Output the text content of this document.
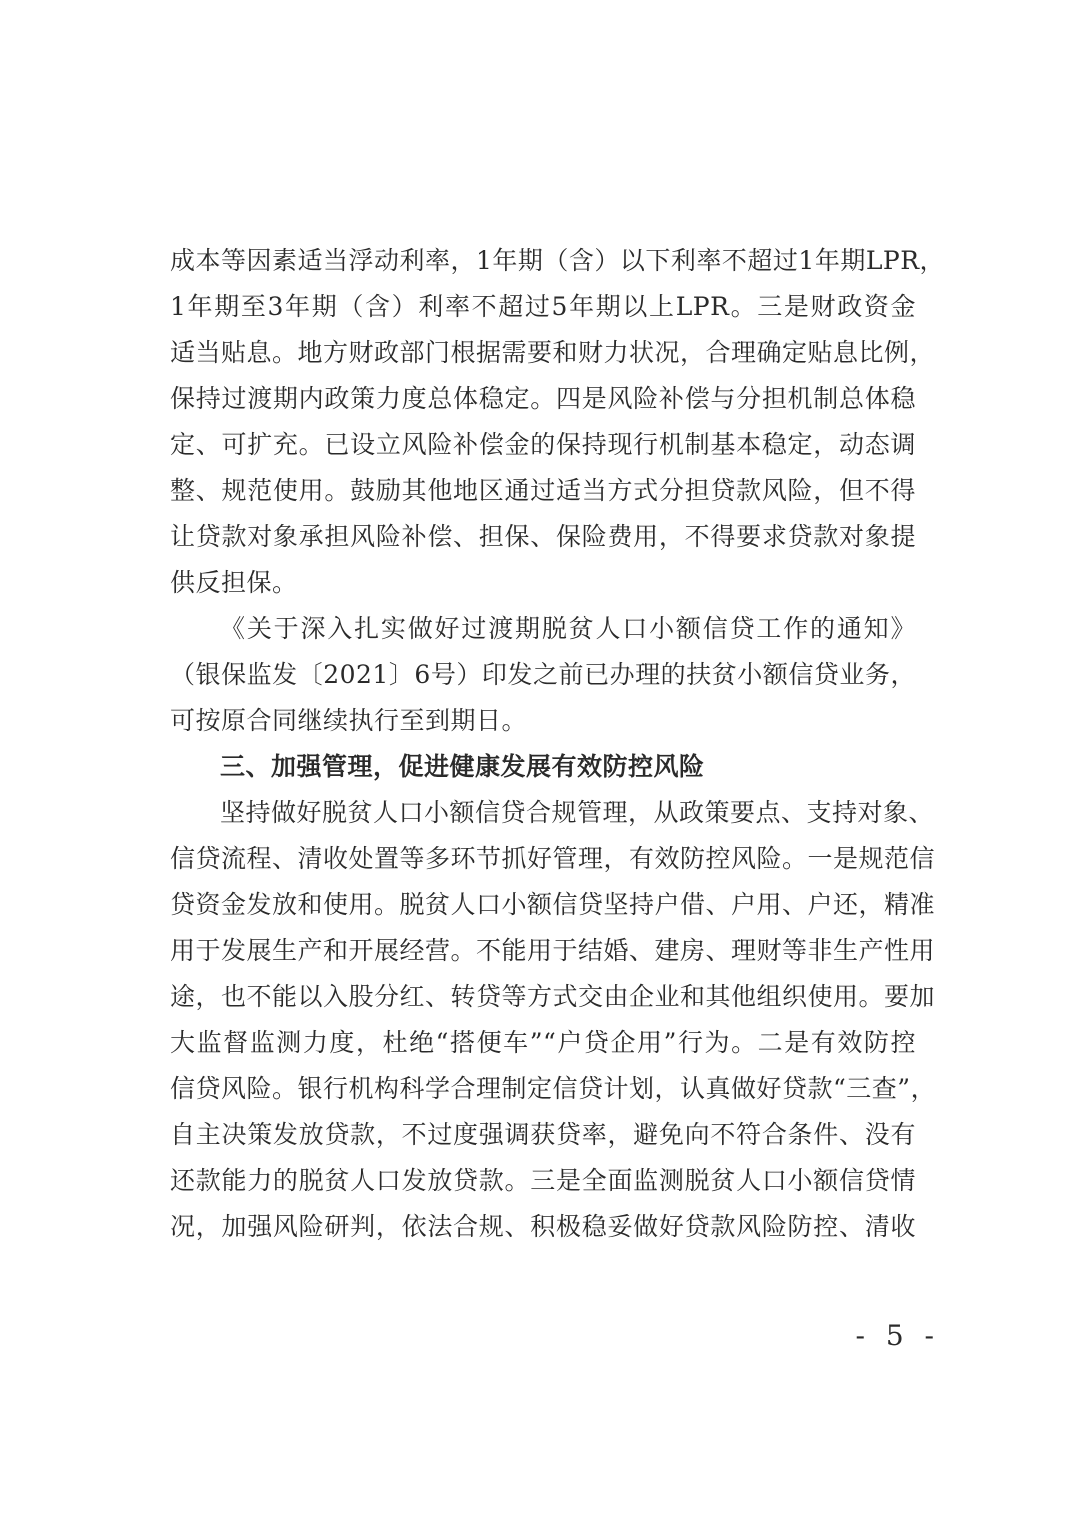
成本等因素适当浮动利率，1年期（含）以下利率不超过1年期LPR，
1年期至3年期（含）利率不超过5年期以上LPR。三是财政资金
适当贴息。地方财政部门根据需要和财力状况，合理确定贴息比例，
保持过渡期内政策力度总体稳定。四是风险补偿与分担机制总体稳
定、可扩充。已设立风险补偿金的保持现行机制基本稳定，动态调
整、规范使用。鼓励其他地区通过适当方式分担贷款风险，但不得
让贷款对象承担风险补偿、担保、保险费用，不得要求贷款对象提
供反担保。
《关于深入扎实做好过渡期脱贫人口小额信贷工作的通知》
（银保监发〔2021〕6号）印发之前已办理的扶贫小额信贷业务，
可按原合同继续执行至到期日。
三、加强管理，促进健康发展有效防控风险
坚持做好脱贫人口小额信贷合规管理，从政策要点、支持对象、
信贷流程、清收处置等多环节抓好管理，有效防控风险。一是规范信
贷资金发放和使用。脱贫人口小额信贷坚持户借、户用、户还，精准
用于发展生产和开展经营。不能用于结婚、建房、理财等非生产性用
途，也不能以入股分红、转贷等方式交由企业和其他组织使用。要加
大监督监测力度，杜绝“搭便车”“户贷企用”行为。二是有效防控
信贷风险。银行机构科学合理制定信贷计划，认真做好贷款“三查”，
自主决策发放贷款，不过度强调获贷率，避免向不符合条件、没有
还款能力的脱贫人口发放贷款。三是全面监测脱贫人口小额信贷情
况，加强风险研判，依法合规、积极稳妥做好贷款风险防控、清收
- 5 -
